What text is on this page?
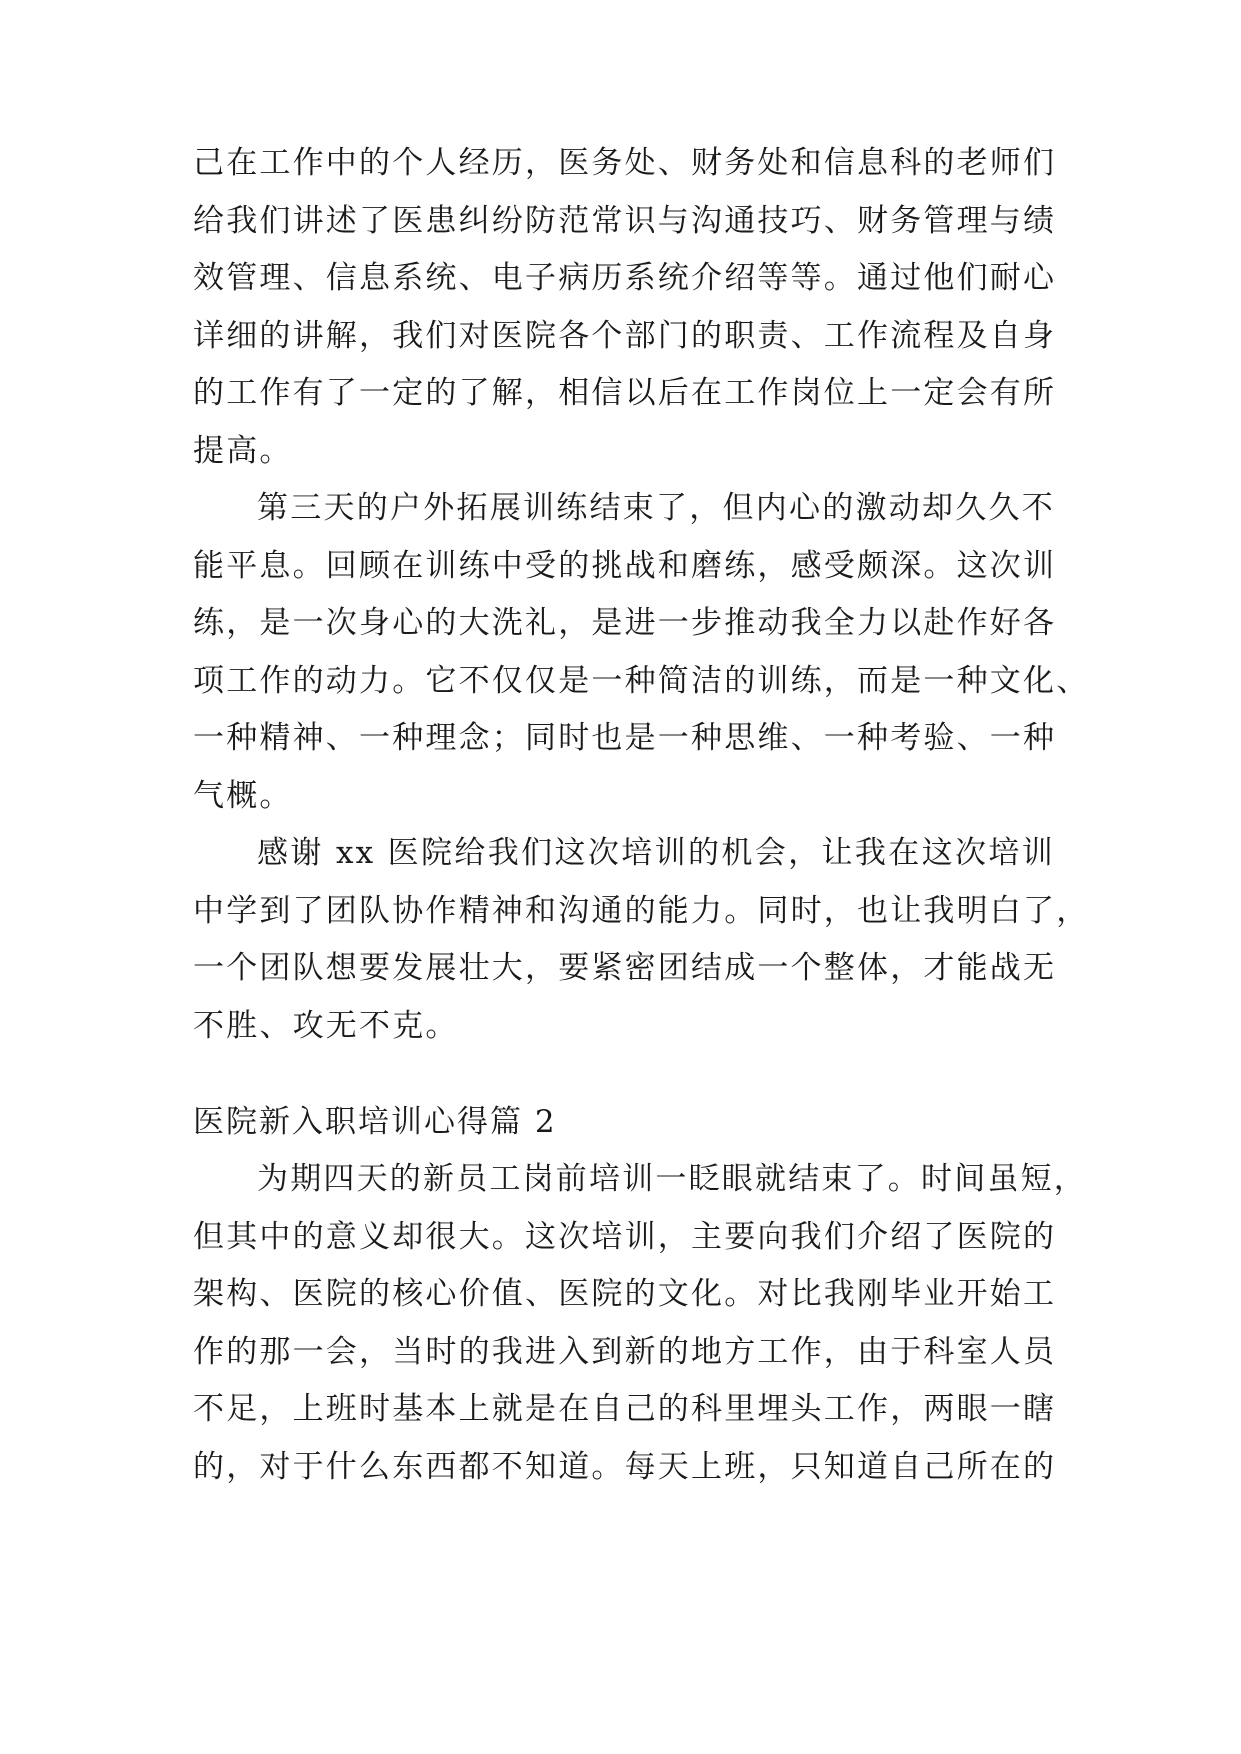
己在工作中的个人经历，医务处、财务处和信息科的老师们
给我们讲述了医患纠纷防范常识与沟通技巧、财务管理与绩
效管理、信息系统、电子病历系统介绍等等。通过他们耐心
详细的讲解，我们对医院各个部门的职责、工作流程及自身
的工作有了一定的了解，相信以后在工作岗位上一定会有所
提高。
第三天的户外拓展训练结束了，但内心的激动却久久不
能平息。回顾在训练中受的挑战和磨练，感受颇深。这次训
练，是一次身心的大洗礼，是进一步推动我全力以赴作好各
项工作的动力。它不仅仅是一种简洁的训练，而是一种文化、
一种精神、一种理念；同时也是一种思维、一种考验、一种
气概。
感谢 xx 医院给我们这次培训的机会，让我在这次培训
中学到了团队协作精神和沟通的能力。同时，也让我明白了，
一个团队想要发展壮大，要紧密团结成一个整体，才能战无
不胜、攻无不克。
医院新入职培训心得篇 2
为期四天的新员工岗前培训一眨眼就结束了。时间虽短，
但其中的意义却很大。这次培训，主要向我们介绍了医院的
架构、医院的核心价值、医院的文化。对比我刚毕业开始工
作的那一会，当时的我进入到新的地方工作，由于科室人员
不足，上班时基本上就是在自己的科里埋头工作，两眼一瞎
的，对于什么东西都不知道。每天上班，只知道自己所在的
